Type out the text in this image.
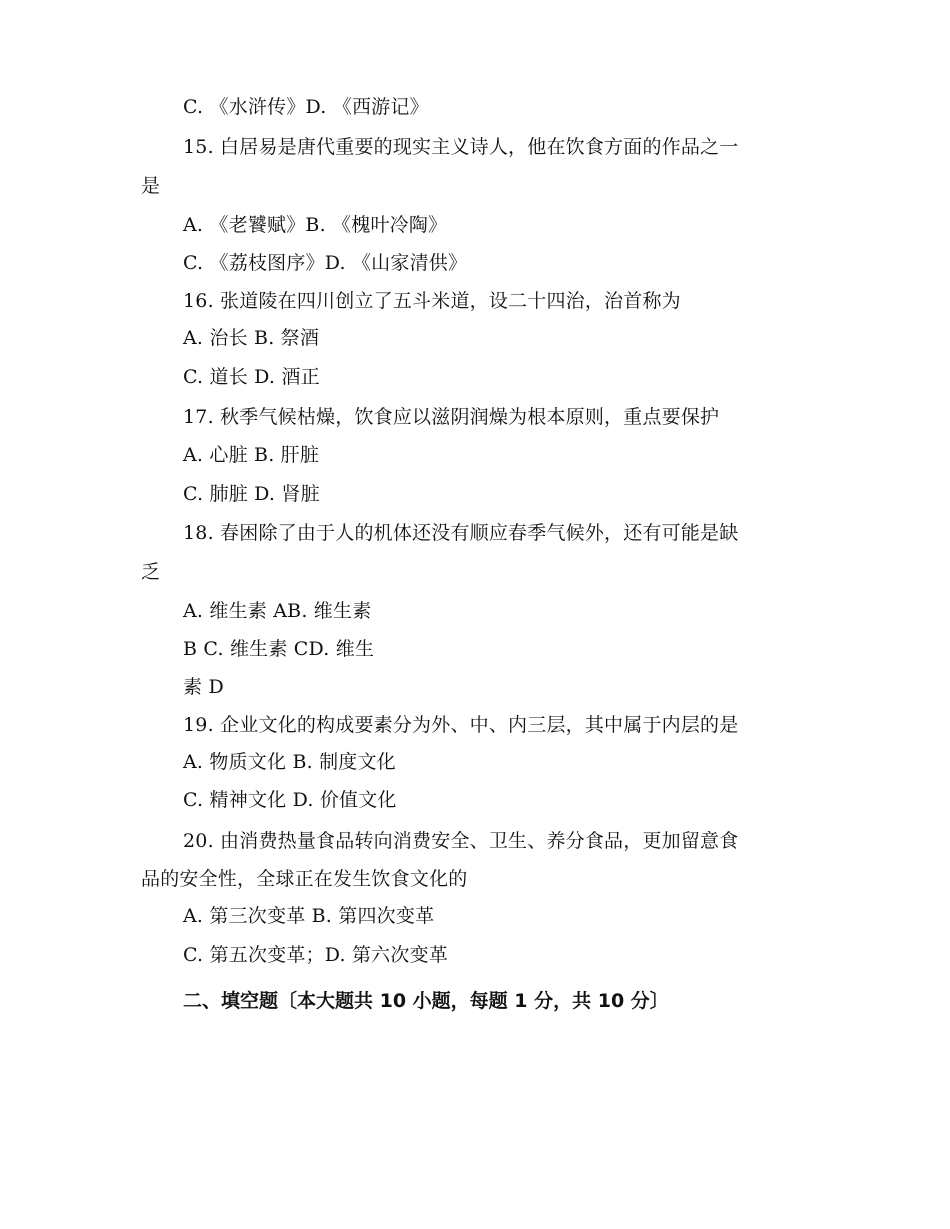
C. 《水浒传》D. 《西游记》
15. 白居易是唐代重要的现实主义诗人，他在饮食方面的作品之一
是
A. 《老饕赋》B. 《槐叶冷陶》
C. 《荔枝图序》D. 《山家清供》
16. 张道陵在四川创立了五斗米道，设二十四治，治首称为
A. 治长 B. 祭酒
C. 道长 D. 酒正
17. 秋季气候枯燥，饮食应以滋阴润燥为根本原则，重点要保护
A. 心脏 B. 肝脏
C. 肺脏 D. 肾脏
18. 春困除了由于人的机体还没有顺应春季气候外，还有可能是缺
乏
A. 维生素 AB. 维生素
B C. 维生素 CD. 维生
素 D
19. 企业文化的构成要素分为外、中、内三层，其中属于内层的是
A. 物质文化 B. 制度文化
C. 精神文化 D. 价值文化
20. 由消费热量食品转向消费安全、卫生、养分食品，更加留意食
品的安全性，全球正在发生饮食文化的
A. 第三次变革 B. 第四次变革
C. 第五次变革；D. 第六次变革
二、填空题〔本大题共 10 小题，每题 1 分，共 10 分〕
